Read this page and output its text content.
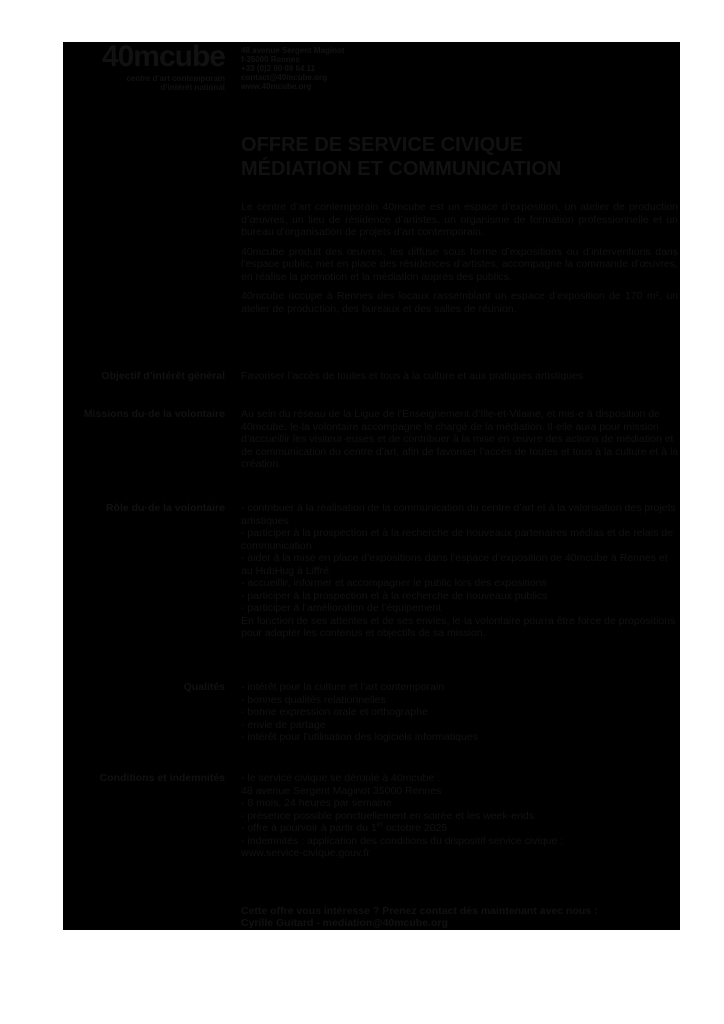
40mcube
centre d’art contemporain
d’intérêt national
48 avenue Sergent Maginot
f-35000 Rennes
+33 (0)2 90 09 64 11
contact@40mcube.org
www.40mcube.org
OFFRE DE SERVICE CIVIQUE
MÉDIATION ET COMMUNICATION

Le centre d’art contemporain 40mcube est un espace d’exposition, un atelier de production d’œuvres, un lieu de résidence d’artistes, un organisme de formation professionnelle et un bureau d’organisation de projets d’art contemporain.

40mcube produit des œuvres, les diffuse sous forme d’expositions ou d’interventions dans l’espace public, met en place des résidences d’artistes, accompagne la commande d’œuvres, en réalise la promotion et la médiation auprès des publics.

40mcube occupe à Rennes des locaux rassemblant un espace d’exposition de 170 m², un atelier de production, des bureaux et des salles de réunion.

Objectif d’intérêt général Favoriser l’accès de toutes et tous à la culture et aux pratiques artistiques
Missions du·de la volontaire Au sein du réseau de la Ligue de l’Enseignement d’Ille-et-Vilaine, et mis·e à disposition de 40mcube, le·la volontaire accompagne le chargé de la médiation. Il·elle aura pour mission d’accueillir les visiteur·euses et de contribuer à la mise en œuvre des actions de médiation et de communication du centre d’art, afin de favoriser l’accès de toutes et tous à la culture et à la création.
Rôle du·de la volontaire - contribuer à la réalisation de la communication du centre d’art et à la valorisation des projets artistiques
- participer à la prospection et à la recherche de nouveaux partenaires médias et de relais de communication
- aider à la mise en place d’expositions dans l’espace d’exposition de 40mcube à Rennes et au HubHug à Liffré
- accueillir, informer et accompagner le public lors des expositions
- participer à la prospection et à la recherche de nouveaux publics
- participer à l’amélioration de l’équipement
En fonction de ses attentes et de ses envies, le·la volontaire pourra être force de propositions pour adapter les contenus et objectifs de sa mission.
Qualités - intérêt pour la culture et l’art contemporain
- bonnes qualités relationnelles
- bonne expression orale et orthographe
- envie de partage
- intérêt pour l’utilisation des logiciels informatiques
Conditions et indemnités - le service civique se déroule à 40mcube :
48 avenue Sergent Maginot 35000 Rennes
- 8 mois, 24 heures par semaine
- présence possible ponctuellement en soirée et les week-ends
- offre à pourvoir à partir du 1er octobre 2025
- indemnités : application des conditions du dispositif service civique :
www.service-civique.gouv.fr
Cette offre vous intéresse ? Prenez contact dès maintenant avec nous :
Cyrille Guitard - mediation@40mcube.org
